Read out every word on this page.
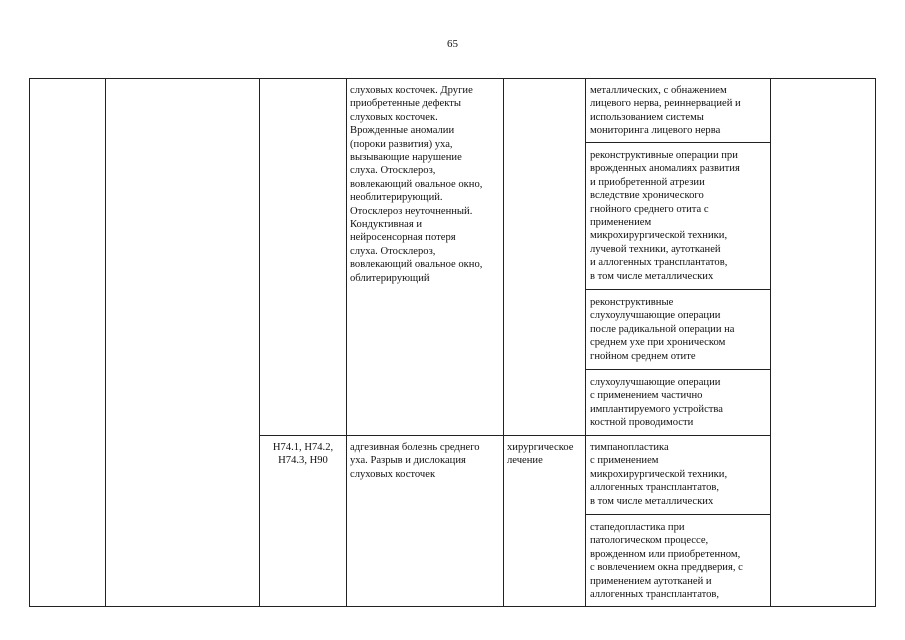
65
слуховых косточек. Другие
приобретенные дефекты
слуховых косточек.
Врожденные аномалии
(пороки развития) уха,
вызывающие нарушение
слуха. Отосклероз,
вовлекающий овальное окно,
необлитерирующий.
Отосклероз неуточненный.
Кондуктивная и
нейросенсорная потеря
слуха. Отосклероз,
вовлекающий овальное окно,
облитерирующий
металлических, с обнажением
лицевого нерва, реиннервацией и
использованием системы
мониторинга лицевого нерва
реконструктивные операции при
врожденных аномалиях развития
и приобретенной атрезии
вследствие хронического
гнойного среднего отита с
применением
микрохирургической техники,
лучевой техники, аутотканей
и аллогенных трансплантатов,
в том числе металлических
реконструктивные
слухоулучшающие операции
после радикальной операции на
среднем ухе при хроническом
гнойном среднем отите
слухоулучшающие операции
с применением частично
имплантируемого устройства
костной проводимости
H74.1, H74.2,
H74.3, H90
адгезивная болезнь среднего
уха. Разрыв и дислокация
слуховых косточек
хирургическое
лечение
тимпанопластика
с применением
микрохирургической техники,
аллогенных трансплантатов,
в том числе металлических
стапедопластика при
патологическом процессе,
врожденном или приобретенном,
с вовлечением окна преддверия, с
применением аутотканей и
аллогенных трансплантатов,
